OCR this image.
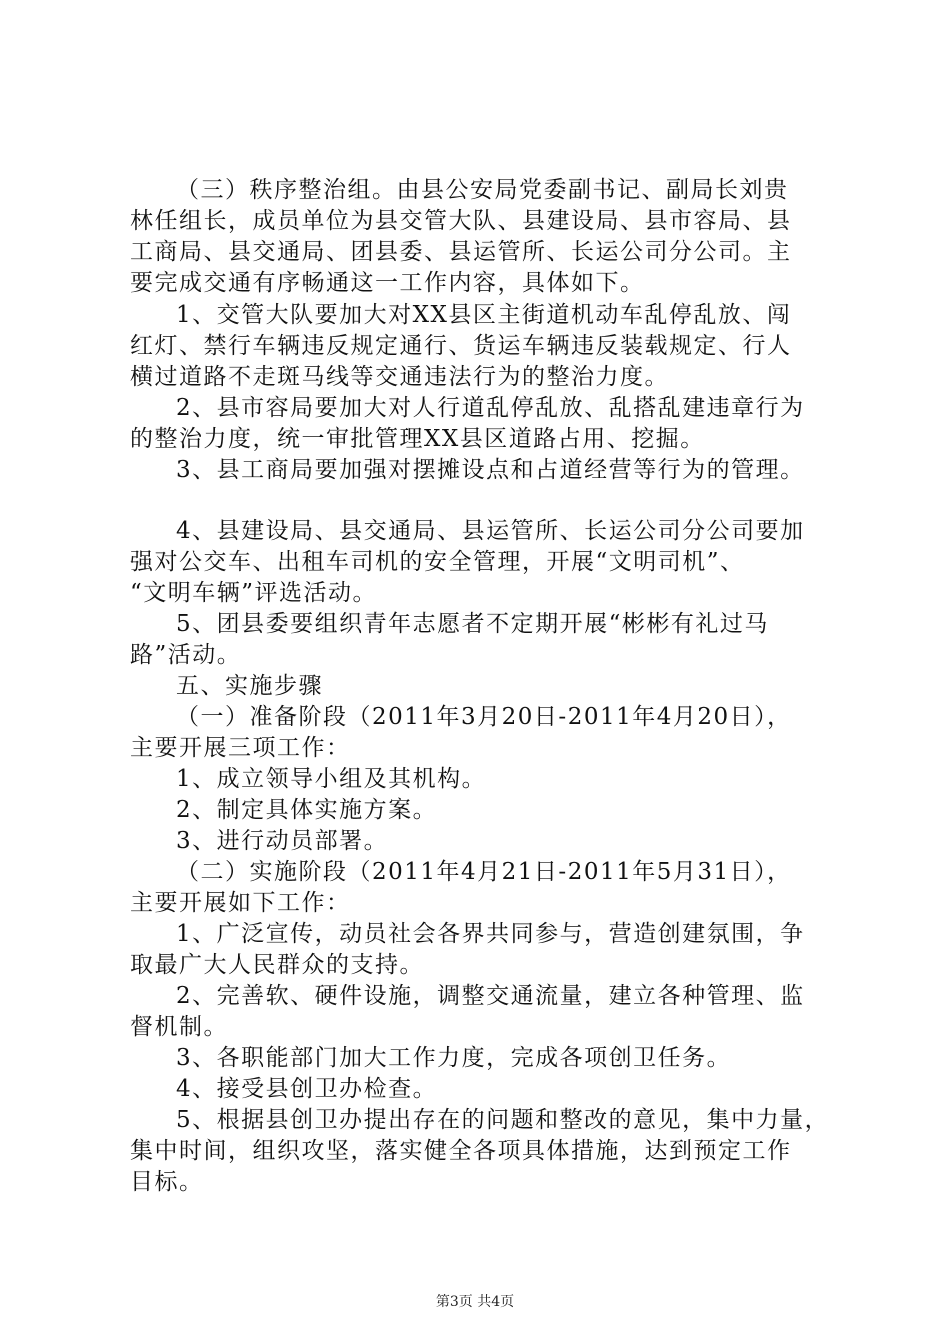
（三）秩序整治组。由县公安局党委副书记、副局长刘贵
林任组长，成员单位为县交管大队、县建设局、县市容局、县
工商局、县交通局、团县委、县运管所、长运公司分公司。主
要完成交通有序畅通这一工作内容，具体如下。
1、交管大队要加大对XX县区主街道机动车乱停乱放、闯
红灯、禁行车辆违反规定通行、货运车辆违反装载规定、行人
横过道路不走斑马线等交通违法行为的整治力度。
2、县市容局要加大对人行道乱停乱放、乱搭乱建违章行为
的整治力度，统一审批管理XX县区道路占用、挖掘。
3、县工商局要加强对摆摊设点和占道经营等行为的管理。
4、县建设局、县交通局、县运管所、长运公司分公司要加
强对公交车、出租车司机的安全管理，开展“文明司机”、
“文明车辆”评选活动。
5、团县委要组织青年志愿者不定期开展“彬彬有礼过马
路”活动。
五、实施步骤
（一）准备阶段（2011年3月20日-2011年4月20日），
主要开展三项工作：
1、成立领导小组及其机构。
2、制定具体实施方案。
3、进行动员部署。
（二）实施阶段（2011年4月21日-2011年5月31日），
主要开展如下工作：
1、广泛宣传，动员社会各界共同参与，营造创建氛围，争
取最广大人民群众的支持。
2、完善软、硬件设施，调整交通流量，建立各种管理、监
督机制。
3、各职能部门加大工作力度，完成各项创卫任务。
4、接受县创卫办检查。
5、根据县创卫办提出存在的问题和整改的意见，集中力量，
集中时间，组织攻坚，落实健全各项具体措施，达到预定工作
目标。
第3页 共4页
